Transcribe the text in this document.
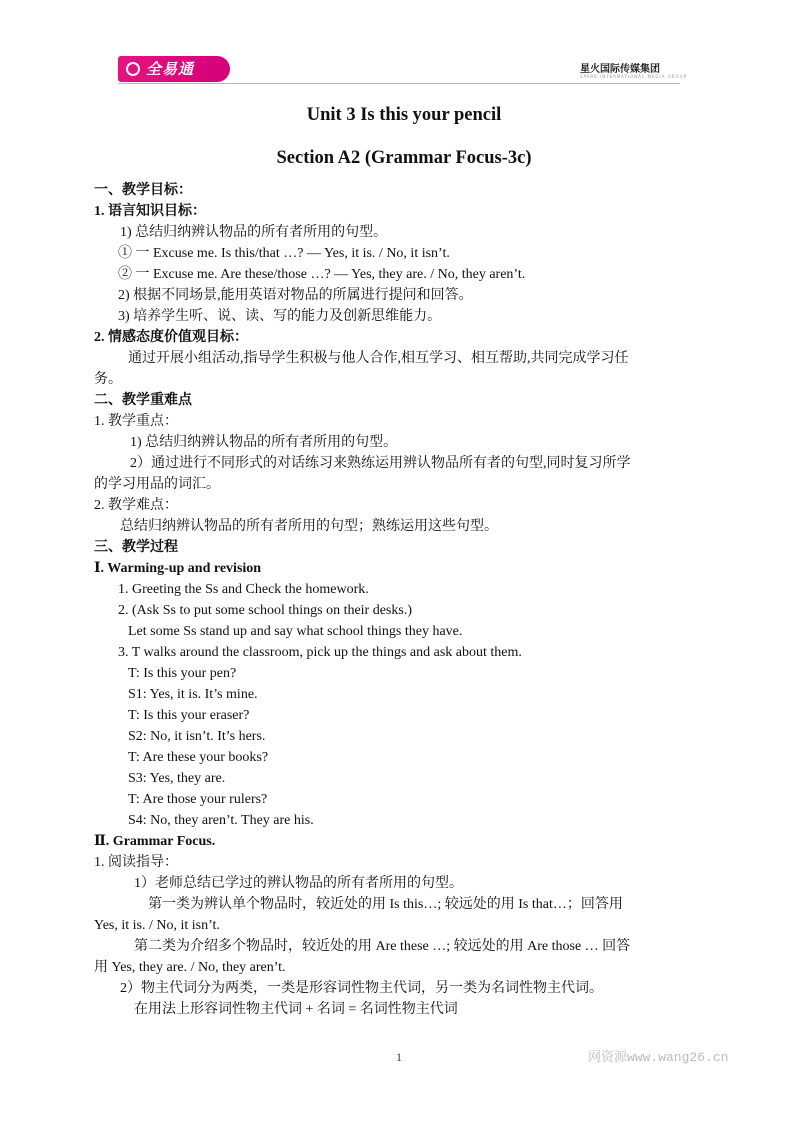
全易通	星火国际传媒集团
SPARK INTERNATIONAL MEDIA GROUP
Unit 3 Is this your pencil
Section A2 (Grammar Focus-3c)
一、教学目标：
1. 语言知识目标：
1) 总结归纳辨认物品的所有者所用的句型。
① 一 Excuse me. Is this/that …? — Yes, it is. / No, it isn’t.
② 一 Excuse me. Are these/those …? — Yes, they are. / No, they aren’t.
2) 根据不同场景,能用英语对物品的所属进行提问和回答。
3) 培养学生听、说、读、写的能力及创新思维能力。
2. 情感态度价值观目标：
通过开展小组活动,指导学生积极与他人合作,相互学习、相互帮助,共同完成学习任
务。
二、教学重难点
1. 教学重点：
1) 总结归纳辨认物品的所有者所用的句型。
2）通过进行不同形式的对话练习来熟练运用辨认物品所有者的句型,同时复习所学
的学习用品的词汇。
2. 教学难点：
总结归纳辨认物品的所有者所用的句型；熟练运用这些句型。
三、教学过程
Ⅰ. Warming-up and revision
1. Greeting the Ss and Check the homework.
2. (Ask Ss to put some school things on their desks.)
Let some Ss stand up and say what school things they have.
3. T walks around the classroom, pick up the things and ask about them.
T: Is this your pen?
S1: Yes, it is. It’s mine.
T: Is this your eraser?
S2: No, it isn’t. It’s hers.
T: Are these your books?
S3: Yes, they are.
T: Are those your rulers?
S4: No, they aren’t. They are his.
Ⅱ. Grammar Focus.
1. 阅读指导：
1）老师总结已学过的辨认物品的所有者所用的句型。
第一类为辨认单个物品时，较近处的用 Is this…; 较远处的用 Is that…；回答用
Yes, it is. / No, it isn’t.
第二类为介绍多个物品时，较近处的用 Are these …; 较远处的用 Are those … 回答
用 Yes, they are. / No, they aren’t.
2）物主代词分为两类，一类是形容词性物主代词，另一类为名词性物主代词。
在用法上形容词性物主代词 + 名词 = 名词性物主代词
1	网资源www.wang26.cn
